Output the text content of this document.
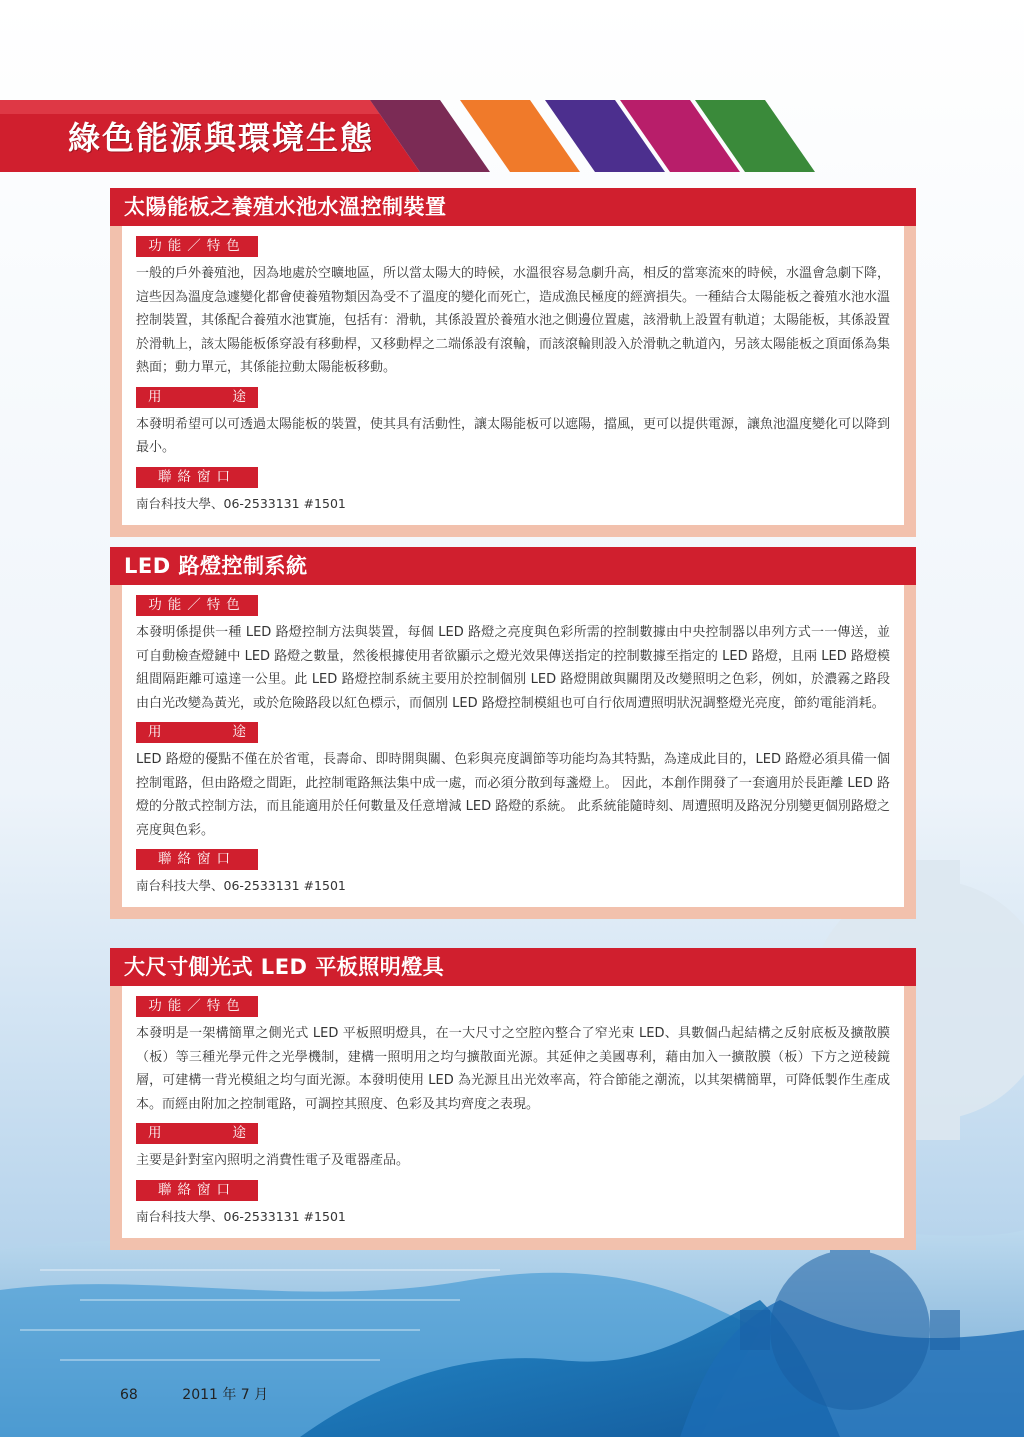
綠色能源與環境生態
太陽能板之養殖水池水溫控制裝置
功能／特色

一般的戶外養殖池，因為地處於空曠地區，所以當太陽大的時候，水溫很容易急劇升高，相反的當寒流來的時候，水溫會急劇下降，這些因為溫度急遽變化都會使養殖物類因為受不了溫度的變化而死亡，造成漁民極度的經濟損失。一種結合太陽能板之養殖水池水溫控制裝置，其係配合養殖水池實施，包括有：滑軌，其係設置於養殖水池之側邊位置處，該滑軌上設置有軌道；太陽能板，其係設置於滑軌上，該太陽能板係穿設有移動桿，又移動桿之二端係設有滾輪，而該滾輪則設入於滑軌之軌道內，另該太陽能板之頂面係為集熱面；動力單元，其係能拉動太陽能板移動。

用途

本發明希望可以可透過太陽能板的裝置，使其具有活動性，讓太陽能板可以遮陽，擋風，更可以提供電源，讓魚池溫度變化可以降到最小。

聯絡窗口

南台科技大學、06-2533131 #1501

LED 路燈控制系統
功能／特色

本發明係提供一種 LED 路燈控制方法與裝置，每個 LED 路燈之亮度與色彩所需的控制數據由中央控制器以串列方式一一傳送，並可自動檢查燈鏈中 LED 路燈之數量，然後根據使用者欲顯示之燈光效果傳送指定的控制數據至指定的 LED 路燈，且兩 LED 路燈模組間隔距離可遠達一公里。此 LED 路燈控制系統主要用於控制個別 LED 路燈開啟與關閉及改變照明之色彩，例如，於濃霧之路段由白光改變為黃光，或於危險路段以紅色標示，而個別 LED 路燈控制模組也可自行依周遭照明狀況調整燈光亮度，節約電能消耗。

用途

LED 路燈的優點不僅在於省電，長壽命、即時開與關、色彩與亮度調節等功能均為其特點，為達成此目的，LED 路燈必須具備一個控制電路，但由路燈之間距，此控制電路無法集中成一處，而必須分散到每盞燈上。 因此，本創作開發了一套適用於長距離 LED 路燈的分散式控制方法，而且能適用於任何數量及任意增減 LED 路燈的系統。 此系統能隨時刻、周遭照明及路況分別變更個別路燈之亮度與色彩。

聯絡窗口

南台科技大學、06-2533131 #1501

大尺寸側光式 LED 平板照明燈具
功能／特色

本發明是一架構簡單之側光式 LED 平板照明燈具，在一大尺寸之空腔內整合了窄光束 LED、具數個凸起結構之反射底板及擴散膜（板）等三種光學元件之光學機制，建構一照明用之均勻擴散面光源。其延伸之美國專利，藉由加入一擴散膜（板）下方之逆稜鏡層，可建構一背光模組之均勻面光源。本發明使用 LED 為光源且出光效率高，符合節能之潮流，以其架構簡單，可降低製作生產成本。而經由附加之控制電路，可調控其照度、色彩及其均齊度之表現。

用途

主要是針對室內照明之消費性電子及電器產品。

聯絡窗口

南台科技大學、06-2533131 #1501

68	2011 年 7 月
